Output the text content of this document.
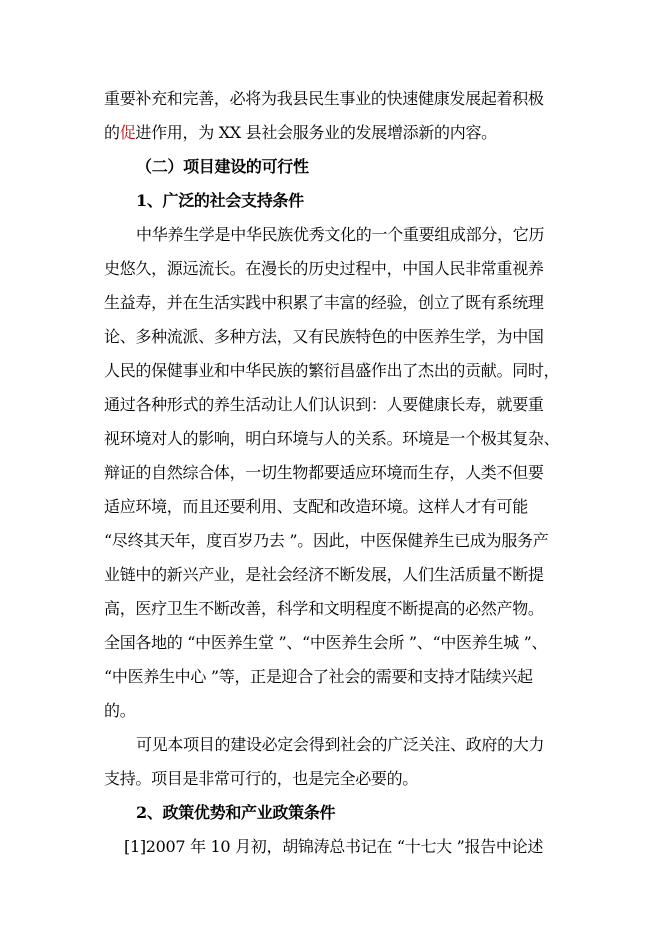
重要补充和完善，必将为我县民生事业的快速健康发展起着积极
的促进作用，为 XX 县社会服务业的发展增添新的内容。
（二）项目建设的可行性
1、广泛的社会支持条件
中华养生学是中华民族优秀文化的一个重要组成部分，它历
史悠久，源远流长。在漫长的历史过程中，中国人民非常重视养
生益寿，并在生活实践中积累了丰富的经验，创立了既有系统理
论、多种流派、多种方法，又有民族特色的中医养生学，为中国
人民的保健事业和中华民族的繁衍昌盛作出了杰出的贡献。同时，
通过各种形式的养生活动让人们认识到：人要健康长寿，就要重
视环境对人的影响，明白环境与人的关系。环境是一个极其复杂、
辩证的自然综合体，一切生物都要适应环境而生存，人类不但要
适应环境，而且还要利用、支配和改造环境。这样人才有可能
“尽终其天年，度百岁乃去 ”。因此，中医保健养生已成为服务产
业链中的新兴产业，是社会经济不断发展，人们生活质量不断提
高，医疗卫生不断改善，科学和文明程度不断提高的必然产物。
全国各地的 “中医养生堂 ”、“中医养生会所 ”、“中医养生城 ”、
“中医养生中心 ”等，正是迎合了社会的需要和支持才陆续兴起
的。
可见本项目的建设必定会得到社会的广泛关注、政府的大力
支持。项目是非常可行的，也是完全必要的。
2、政策优势和产业政策条件
[1]2007 年 10 月初，胡锦涛总书记在 “十七大 ”报告中论述
